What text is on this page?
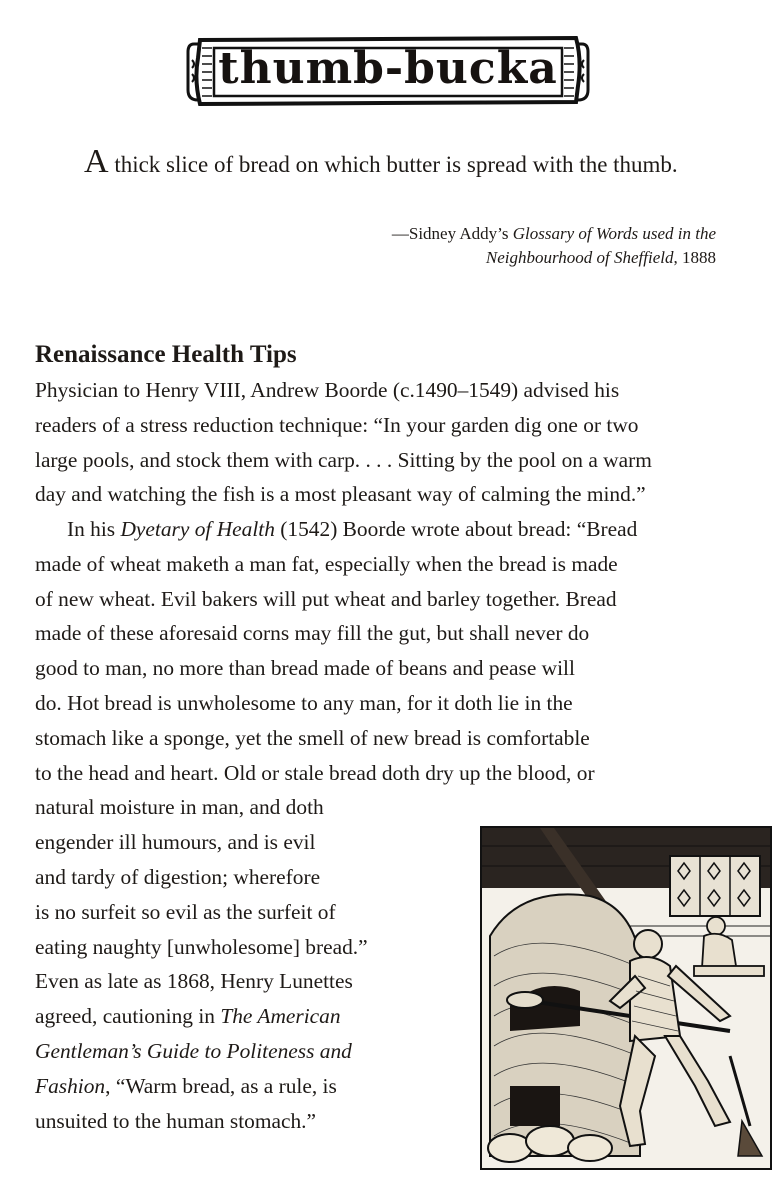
thumb-bucka
A thick slice of bread on which butter is spread with the thumb.
—Sidney Addy’s Glossary of Words used in the
Neighbourhood of Sheffield, 1888
Renaissance Health Tips
Physician to Henry VIII, Andrew Boorde (c.1490–1549) advised his
readers of a stress reduction technique: “In your garden dig one or two
large pools, and stock them with carp. . . . Sitting by the pool on a warm
day and watching the fish is a most pleasant way of calming the mind.”
In his Dyetary of Health (1542) Boorde wrote about bread: “Bread
made of wheat maketh a man fat, especially when the bread is made
of new wheat. Evil bakers will put wheat and barley together. Bread
made of these aforesaid corns may fill the gut, but shall never do
good to man, no more than bread made of beans and pease will
do. Hot bread is unwholesome to any man, for it doth lie in the
stomach like a sponge, yet the smell of new bread is comfortable
to the head and heart. Old or stale bread doth dry up the blood, or
natural moisture in man, and doth
engender ill humours, and is evil
and tardy of digestion; wherefore
is no surfeit so evil as the surfeit of
eating naughty [unwholesome] bread.”
Even as late as 1868, Henry Lunettes
agreed, cautioning in The American
Gentleman’s Guide to Politeness and
Fashion, “Warm bread, as a rule, is
unsuited to the human stomach.”
